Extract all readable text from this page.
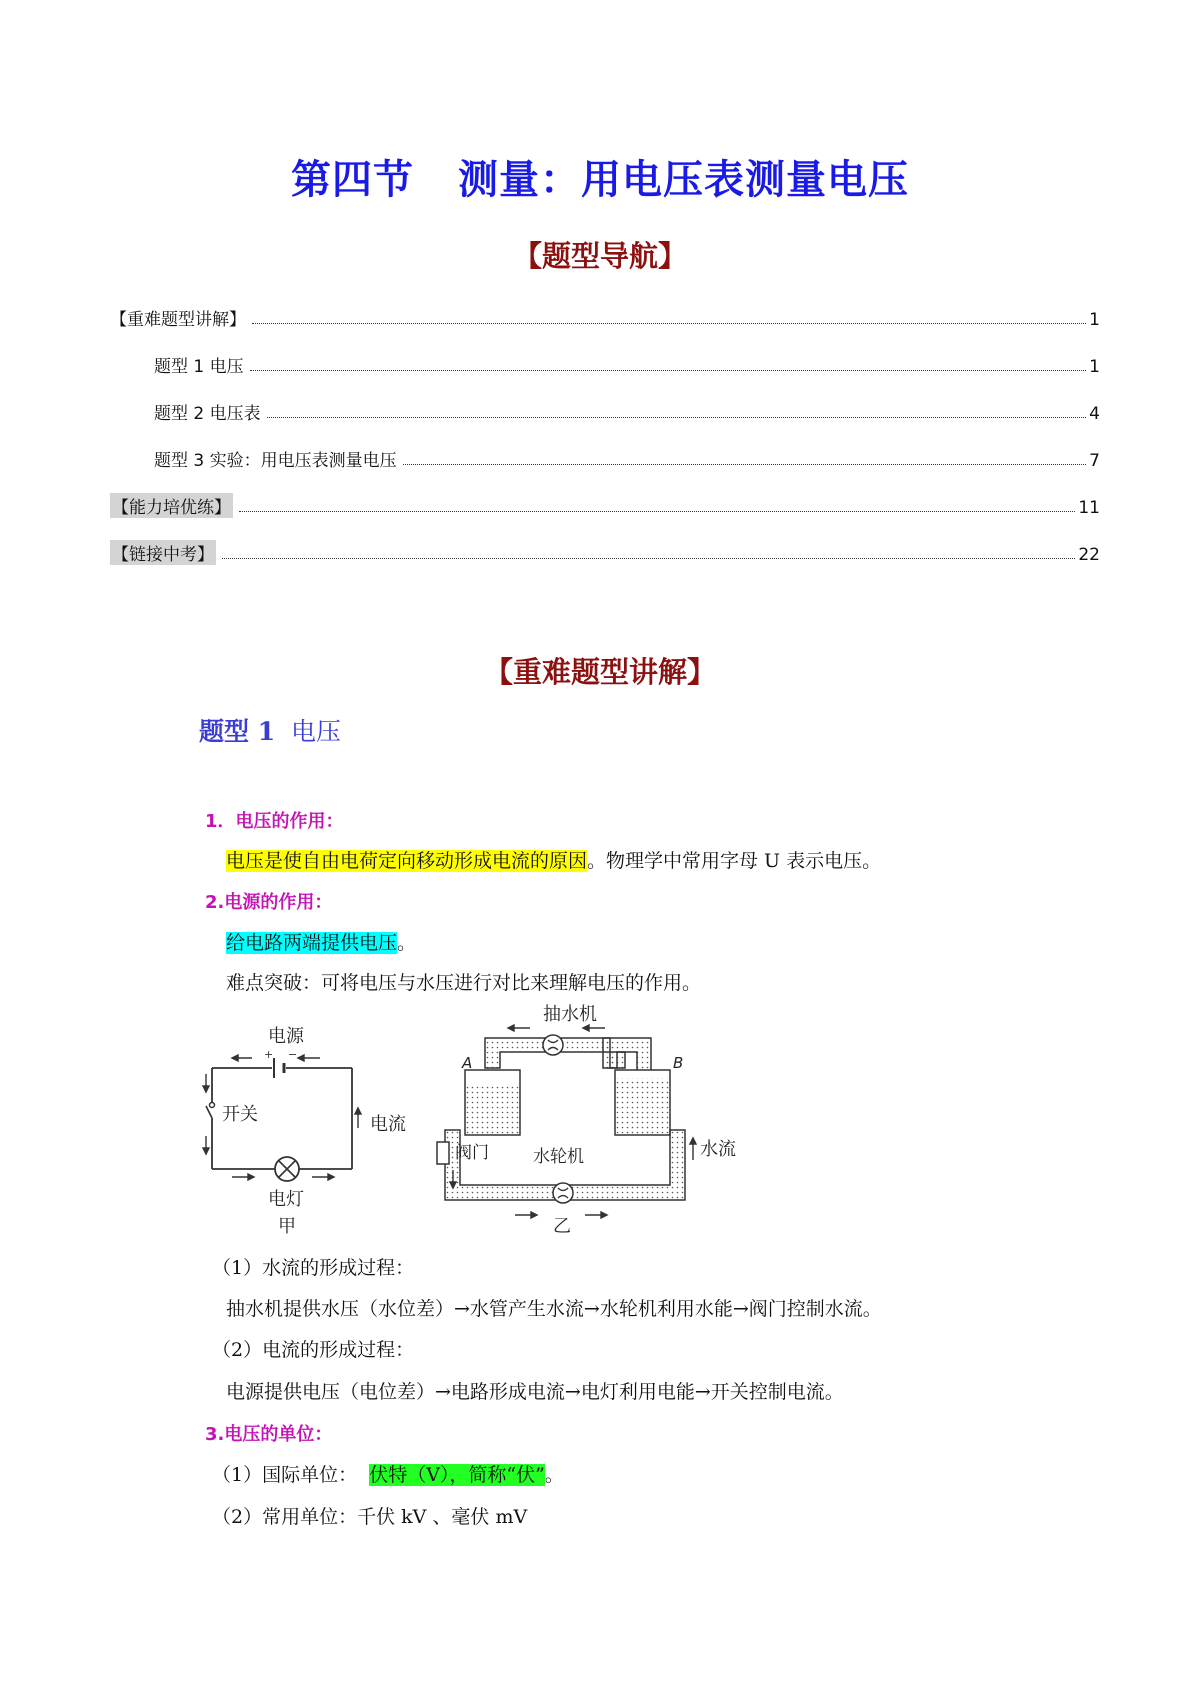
第四节 测量：用电压表测量电压
【题型导航】
【重难题型讲解】	1
题型 1 电压	1
题型 2 电压表	4
题型 3 实验：用电压表测量电压	7
【能力培优练】	11
【链接中考】	22
【重难题型讲解】
题型 1 电压
1．电压的作用：
电压是使自由电荷定向移动形成电流的原因。物理学中常用字母 U 表示电压。
2.电源的作用：
给电路两端提供电压。
难点突破：可将电压与水压进行对比来理解电压的作用。
+ −
电源
开关	电流
电灯
甲
抽水机
A	B
阀门	水轮机	水流
乙
（1）水流的形成过程：
抽水机提供水压（水位差）→水管产生水流→水轮机利用水能→阀门控制水流。
（2）电流的形成过程：
电源提供电压（电位差）→电路形成电流→电灯利用电能→开关控制电流。
3.电压的单位：
（1）国际单位： 伏特（V），简称“伏”。
（2）常用单位：千伏 kV 、毫伏 mV
